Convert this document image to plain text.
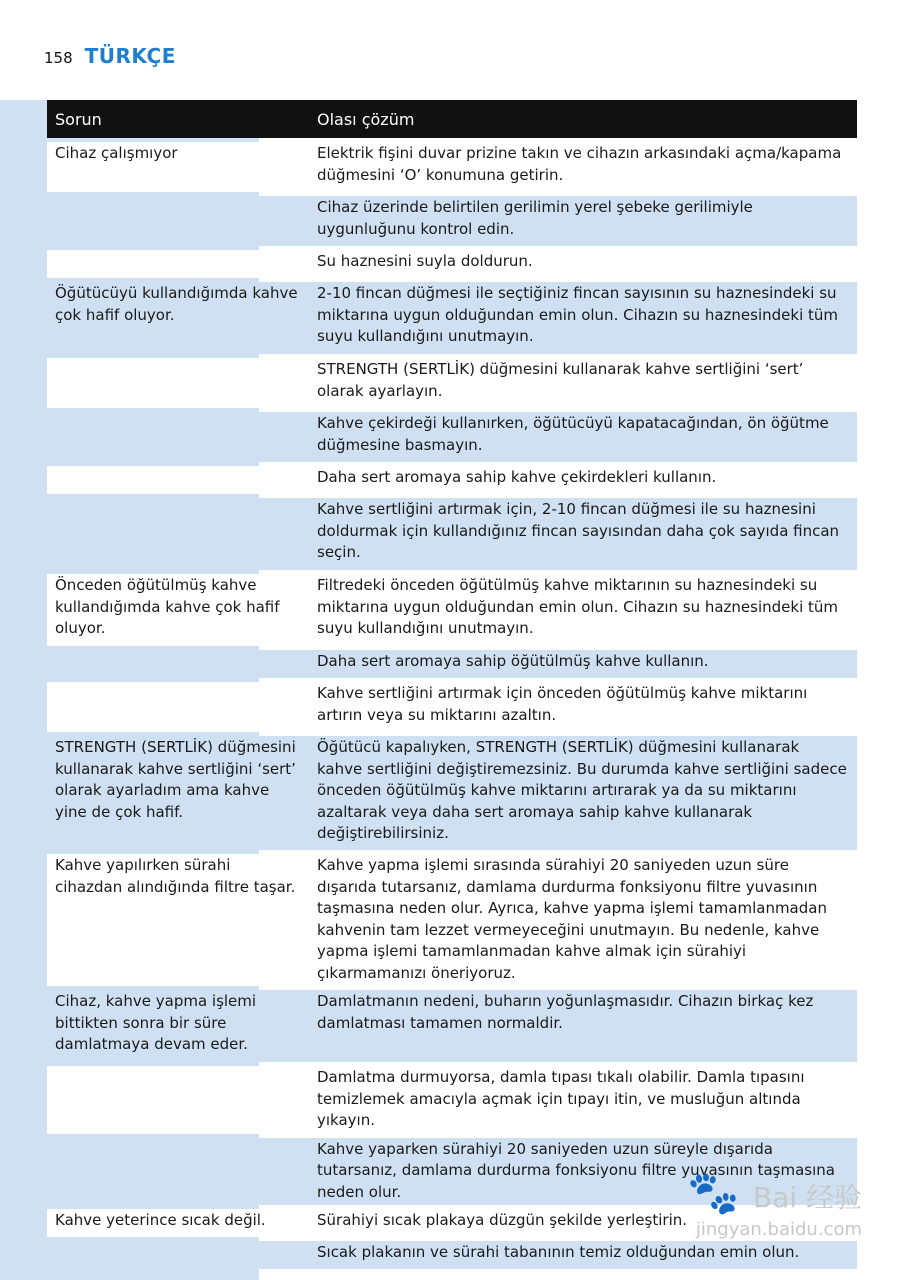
158 TÜRKÇE
Sorun	Olası çözüm
Cihaz çalışmıyor	Elektrik fişini duvar prizine takın ve cihazın arkasındaki açma/kapama düğmesini ‘O’ konumuna getirin.
	Cihaz üzerinde belirtilen gerilimin yerel şebeke gerilimiyle uygunluğunu kontrol edin.
	Su haznesini suyla doldurun.
Öğütücüyü kullandığımda kahve çok hafif oluyor.	2-10 fincan düğmesi ile seçtiğiniz fincan sayısının su haznesindeki su miktarına uygun olduğundan emin olun. Cihazın su haznesindeki tüm suyu kullandığını unutmayın.
	STRENGTH (SERTLİK) düğmesini kullanarak kahve sertliğini ‘sert’ olarak ayarlayın.
	Kahve çekirdeği kullanırken, öğütücüyü kapatacağından, ön öğütme düğmesine basmayın.
	Daha sert aromaya sahip kahve çekirdekleri kullanın.
	Kahve sertliğini artırmak için, 2-10 fincan düğmesi ile su haznesini doldurmak için kullandığınız fincan sayısından daha çok sayıda fincan seçin.
Önceden öğütülmüş kahve kullandığımda kahve çok hafif oluyor.	Filtredeki önceden öğütülmüş kahve miktarının su haznesindeki su miktarına uygun olduğundan emin olun. Cihazın su haznesindeki tüm suyu kullandığını unutmayın.
	Daha sert aromaya sahip öğütülmüş kahve kullanın.
	Kahve sertliğini artırmak için önceden öğütülmüş kahve miktarını artırın veya su miktarını azaltın.
STRENGTH (SERTLİK) düğmesini kullanarak kahve sertliğini ‘sert’ olarak ayarladım ama kahve yine de çok hafif.	Öğütücü kapalıyken, STRENGTH (SERTLİK) düğmesini kullanarak kahve sertliğini değiştiremezsiniz. Bu durumda kahve sertliğini sadece önceden öğütülmüş kahve miktarını artırarak ya da su miktarını azaltarak veya daha sert aromaya sahip kahve kullanarak değiştirebilirsiniz.
Kahve yapılırken sürahi cihazdan alındığında filtre taşar.	Kahve yapma işlemi sırasında sürahiyi 20 saniyeden uzun süre dışarıda tutarsanız, damlama durdurma fonksiyonu filtre yuvasının taşmasına neden olur. Ayrıca, kahve yapma işlemi tamamlanmadan kahvenin tam lezzet vermeyeceğini unutmayın. Bu nedenle, kahve yapma işlemi tamamlanmadan kahve almak için sürahiyi çıkarmamanızı öneriyoruz.
Cihaz, kahve yapma işlemi bittikten sonra bir süre damlatmaya devam eder.	Damlatmanın nedeni, buharın yoğunlaşmasıdır. Cihazın birkaç kez damlatması tamamen normaldir.
	Damlatma durmuyorsa, damla tıpası tıkalı olabilir. Damla tıpasını temizlemek amacıyla açmak için tıpayı itin, ve musluğun altında yıkayın.
	Kahve yaparken sürahiyi 20 saniyeden uzun süreyle dışarıda tutarsanız, damlama durdurma fonksiyonu filtre yuvasının taşmasına neden olur.
Kahve yeterince sıcak değil.	Sürahiyi sıcak plakaya düzgün şekilde yerleştirin.
	Sıcak plakanın ve sürahi tabanının temiz olduğundan emin olun.
🐾 Bai 经验
jingyan.baidu.com
